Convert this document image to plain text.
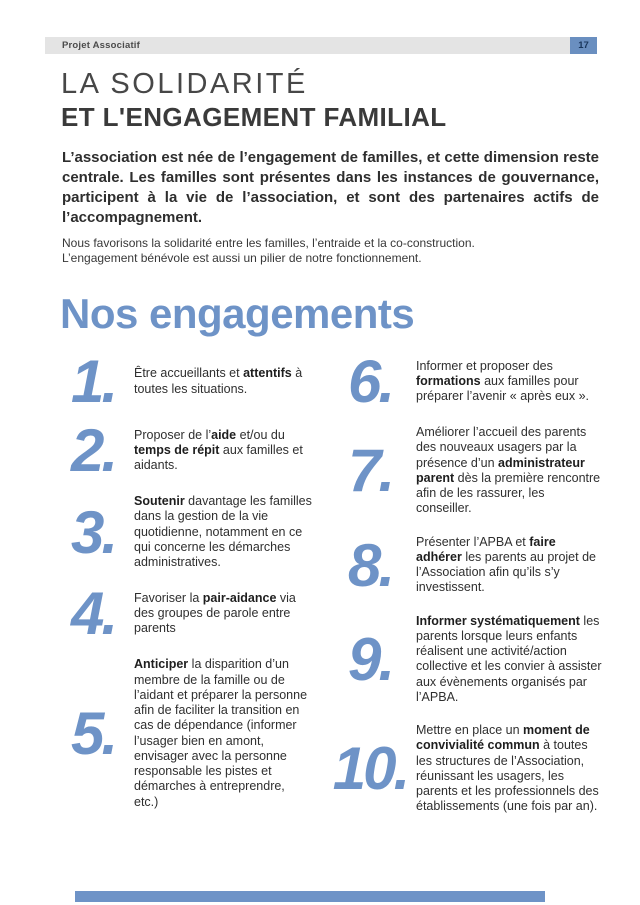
Projet Associatif	17
LA SOLIDARITÉ
ET L'ENGAGEMENT FAMILIAL

L’association est née de l’engagement de familles, et cette dimension reste centrale. Les familles sont présentes dans les instances de gouvernance, participent à la vie de l’association, et sont des partenaires actifs de l’accompagnement.

Nous favorisons la solidarité entre les familles, l’entraide et la co-construction.
L’engagement bénévole est aussi un pilier de notre fonctionnement.

Nos engagements
1.	Être accueillants et attentifs à toutes les situations.
2.	Proposer de l’aide et/ou du temps de répit aux familles et aidants.
3.	Soutenir davantage les familles dans la gestion de la vie quotidienne, notamment en ce qui concerne les démarches administratives.
4.	Favoriser la pair-aidance via des groupes de parole entre parents
5.
Anticiper la disparition d’un membre de la famille ou de l’aidant et préparer la personne afin de faciliter la transition en cas de dépendance (informer l’usager bien en amont, envisager avec la personne responsable les pistes et démarches à entreprendre, etc.)
6.	Informer et proposer des formations aux familles pour préparer l’avenir « après eux ».
7.
Améliorer l’accueil des parents des nouveaux usagers par la présence d’un administrateur parent dès la première rencontre afin de les rassurer, les conseiller.
8.	Présenter l’APBA et faire adhérer les parents au projet de l’Association afin qu’ils s’y investissent.
9.
Informer systématiquement les parents lorsque leurs enfants réalisent une activité/action collective et les convier à assister aux évènements organisés par l’APBA.
10.
Mettre en place un moment de convivialité commun à toutes les structures de l’Association, réunissant les usagers, les parents et les professionnels des établissements (une fois par an).
